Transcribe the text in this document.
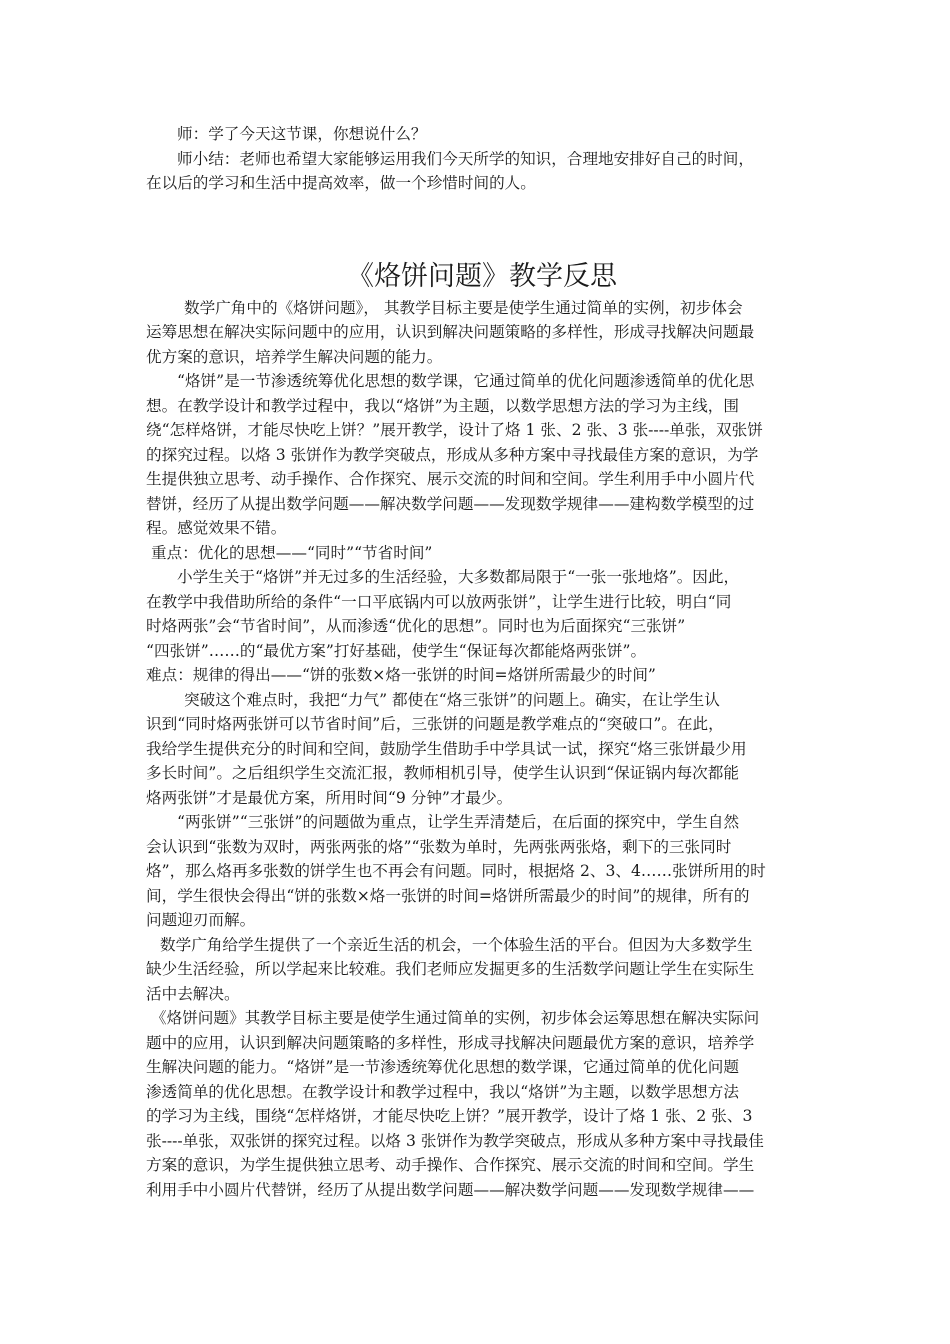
师：学了今天这节课，你想说什么？

师小结：老师也希望大家能够运用我们今天所学的知识，合理地安排好自己的时间，

在以后的学习和生活中提高效率，做一个珍惜时间的人。

《烙饼问题》教学反思

数学广角中的《烙饼问题》， 其教学目标主要是使学生通过简单的实例，初步体会

运筹思想在解决实际问题中的应用，认识到解决问题策略的多样性，形成寻找解决问题最

优方案的意识，培养学生解决问题的能力。

“烙饼”是一节渗透统筹优化思想的数学课，它通过简单的优化问题渗透简单的优化思

想。在教学设计和教学过程中，我以“烙饼”为主题，以数学思想方法的学习为主线，围

绕“怎样烙饼，才能尽快吃上饼？”展开教学，设计了烙 1 张、2 张、3 张----单张，双张饼

的探究过程。以烙 3 张饼作为教学突破点，形成从多种方案中寻找最佳方案的意识，为学

生提供独立思考、动手操作、合作探究、展示交流的时间和空间。学生利用手中小圆片代

替饼，经历了从提出数学问题——解决数学问题——发现数学规律——建构数学模型的过

程。感觉效果不错。

重点：优化的思想——“同时”“节省时间”

小学生关于“烙饼”并无过多的生活经验，大多数都局限于“一张一张地烙”。因此，

在教学中我借助所给的条件“一口平底锅内可以放两张饼”，让学生进行比较，明白“同

时烙两张”会“节省时间”，从而渗透“优化的思想”。同时也为后面探究“三张饼”

“四张饼”……的“最优方案”打好基础，使学生“保证每次都能烙两张饼”。

难点：规律的得出——“饼的张数×烙一张饼的时间=烙饼所需最少的时间”

突破这个难点时，我把“力气” 都使在“烙三张饼”的问题上。确实，在让学生认

识到“同时烙两张饼可以节省时间”后，三张饼的问题是教学难点的“突破口”。在此，

我给学生提供充分的时间和空间，鼓励学生借助手中学具试一试，探究“烙三张饼最少用

多长时间”。之后组织学生交流汇报，教师相机引导，使学生认识到“保证锅内每次都能

烙两张饼”才是最优方案，所用时间“9 分钟”才最少。

“两张饼”“三张饼”的问题做为重点，让学生弄清楚后，在后面的探究中，学生自然

会认识到“张数为双时，两张两张的烙”“张数为单时，先两张两张烙，剩下的三张同时

烙”，那么烙再多张数的饼学生也不再会有问题。同时，根据烙 2、3、4……张饼所用的时

间，学生很快会得出“饼的张数×烙一张饼的时间=烙饼所需最少的时间”的规律，所有的

问题迎刃而解。

数学广角给学生提供了一个亲近生活的机会，一个体验生活的平台。但因为大多数学生

缺少生活经验，所以学起来比较难。我们老师应发掘更多的生活数学问题让学生在实际生

活中去解决。

《烙饼问题》其教学目标主要是使学生通过简单的实例，初步体会运筹思想在解决实际问

题中的应用，认识到解决问题策略的多样性，形成寻找解决问题最优方案的意识，培养学

生解决问题的能力。“烙饼”是一节渗透统筹优化思想的数学课，它通过简单的优化问题

渗透简单的优化思想。在教学设计和教学过程中，我以“烙饼”为主题，以数学思想方法

的学习为主线，围绕“怎样烙饼，才能尽快吃上饼？”展开教学，设计了烙 1 张、2 张、3

张----单张，双张饼的探究过程。以烙 3 张饼作为教学突破点，形成从多种方案中寻找最佳

方案的意识，为学生提供独立思考、动手操作、合作探究、展示交流的时间和空间。学生

利用手中小圆片代替饼，经历了从提出数学问题——解决数学问题——发现数学规律——
